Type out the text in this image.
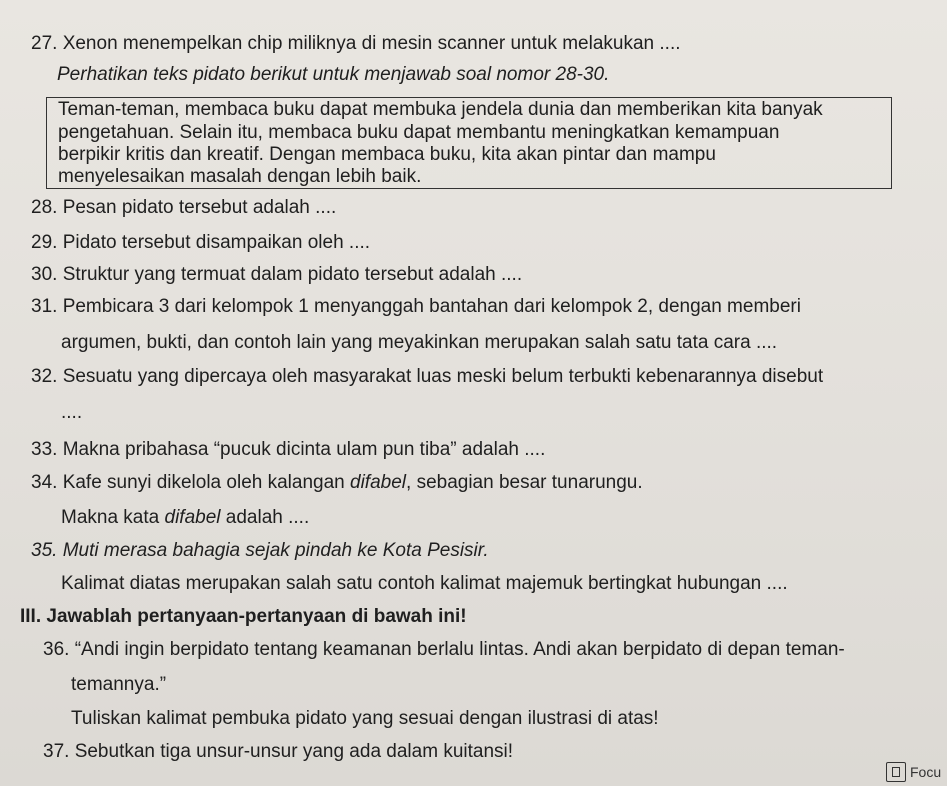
27. Xenon menempelkan chip miliknya di mesin scanner untuk melakukan ....
Perhatikan teks pidato berikut untuk menjawab soal nomor 28-30.
Teman-teman, membaca buku dapat membuka jendela dunia dan memberikan kita banyak
pengetahuan. Selain itu, membaca buku dapat membantu meningkatkan kemampuan
berpikir kritis dan kreatif. Dengan membaca buku, kita akan pintar dan mampu
menyelesaikan masalah dengan lebih baik.
28. Pesan pidato tersebut adalah ....
29. Pidato tersebut disampaikan oleh ....
30. Struktur yang termuat dalam pidato tersebut adalah ....
31. Pembicara 3 dari kelompok 1 menyanggah bantahan dari kelompok 2, dengan memberi
argumen, bukti, dan contoh lain yang meyakinkan merupakan salah satu tata cara ....
32. Sesuatu yang dipercaya oleh masyarakat luas meski belum terbukti kebenarannya disebut
....
33. Makna pribahasa “pucuk dicinta ulam pun tiba” adalah ....
34. Kafe sunyi dikelola oleh kalangan difabel, sebagian besar tunarungu.
Makna kata difabel adalah ....
35. Muti merasa bahagia sejak pindah ke Kota Pesisir.
Kalimat diatas merupakan salah satu contoh kalimat majemuk bertingkat hubungan ....
III. Jawablah pertanyaan-pertanyaan di bawah ini!
36. “Andi ingin berpidato tentang keamanan berlalu lintas. Andi akan berpidato di depan teman-
temannya.”
Tuliskan kalimat pembuka pidato yang sesuai dengan ilustrasi di atas!
37. Sebutkan tiga unsur-unsur yang ada dalam kuitansi!
Focu
